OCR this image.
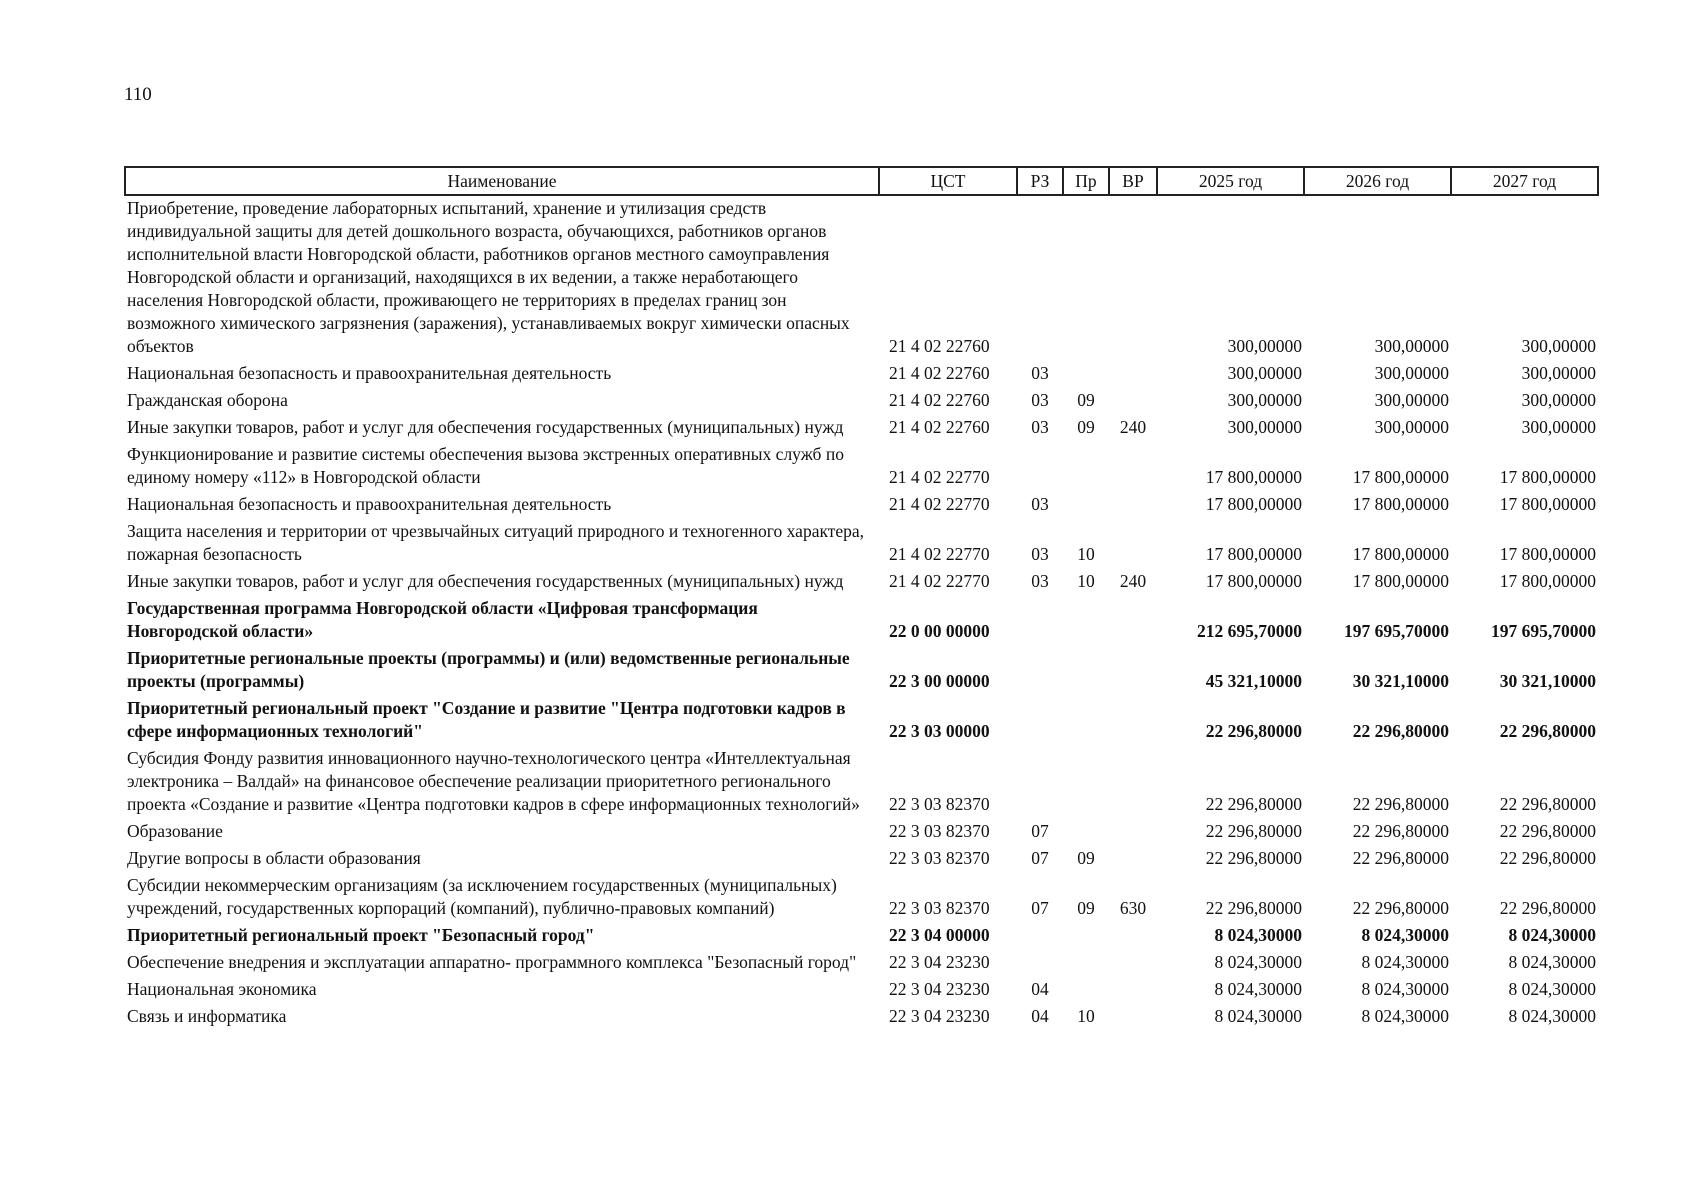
110
Наименование	ЦСТ	РЗ	Пр	ВР	2025 год	2026 год	2027 год
Приобретение, проведение лабораторных испытаний, хранение и утилизация средств индивидуальной защиты для детей дошкольного возраста, обучающихся, работников органов исполнительной власти Новгородской области, работников органов местного самоуправления Новгородской области и организаций, находящихся в их ведении, а также неработающего населения Новгородской области, проживающего не территориях в пределах границ зон возможного химического загрязнения (заражения), устанавливаемых вокруг химически опасных объектов	21 4 02 22760				300,00000	300,00000	300,00000
Национальная безопасность и правоохранительная деятельность	21 4 02 22760	03			300,00000	300,00000	300,00000
Гражданская оборона	21 4 02 22760	03	09		300,00000	300,00000	300,00000
Иные закупки товаров, работ и услуг для обеспечения государственных (муниципальных) нужд	21 4 02 22760	03	09	240	300,00000	300,00000	300,00000
Функционирование и развитие системы обеспечения вызова экстренных оперативных служб по единому номеру «112» в Новгородской области	21 4 02 22770				17 800,00000	17 800,00000	17 800,00000
Национальная безопасность и правоохранительная деятельность	21 4 02 22770	03			17 800,00000	17 800,00000	17 800,00000
Защита населения и территории от чрезвычайных ситуаций природного и техногенного характера, пожарная безопасность	21 4 02 22770	03	10		17 800,00000	17 800,00000	17 800,00000
Иные закупки товаров, работ и услуг для обеспечения государственных (муниципальных) нужд	21 4 02 22770	03	10	240	17 800,00000	17 800,00000	17 800,00000
Государственная программа Новгородской области «Цифровая трансформация Новгородской области»	22 0 00 00000				212 695,70000	197 695,70000	197 695,70000
Приоритетные региональные проекты (программы) и (или) ведомственные региональные проекты (программы)	22 3 00 00000				45 321,10000	30 321,10000	30 321,10000
Приоритетный региональный проект "Создание и развитие "Центра подготовки кадров в сфере информационных технологий"	22 3 03 00000				22 296,80000	22 296,80000	22 296,80000
Субсидия Фонду развития инновационного научно-технологического центра «Интеллектуальная электроника – Валдай» на финансовое обеспечение реализации приоритетного регионального проекта «Создание и развитие «Центра подготовки кадров в сфере информационных технологий»	22 3 03 82370				22 296,80000	22 296,80000	22 296,80000
Образование	22 3 03 82370	07			22 296,80000	22 296,80000	22 296,80000
Другие вопросы в области образования	22 3 03 82370	07	09		22 296,80000	22 296,80000	22 296,80000
Субсидии некоммерческим организациям (за исключением государственных (муниципальных) учреждений, государственных корпораций (компаний), публично-правовых компаний)	22 3 03 82370	07	09	630	22 296,80000	22 296,80000	22 296,80000
Приоритетный региональный проект "Безопасный город"	22 3 04 00000				8 024,30000	8 024,30000	8 024,30000
Обеспечение внедрения и эксплуатации аппаратно- программного комплекса "Безопасный город"	22 3 04 23230				8 024,30000	8 024,30000	8 024,30000
Национальная экономика	22 3 04 23230	04			8 024,30000	8 024,30000	8 024,30000
Связь и информатика	22 3 04 23230	04	10		8 024,30000	8 024,30000	8 024,30000
